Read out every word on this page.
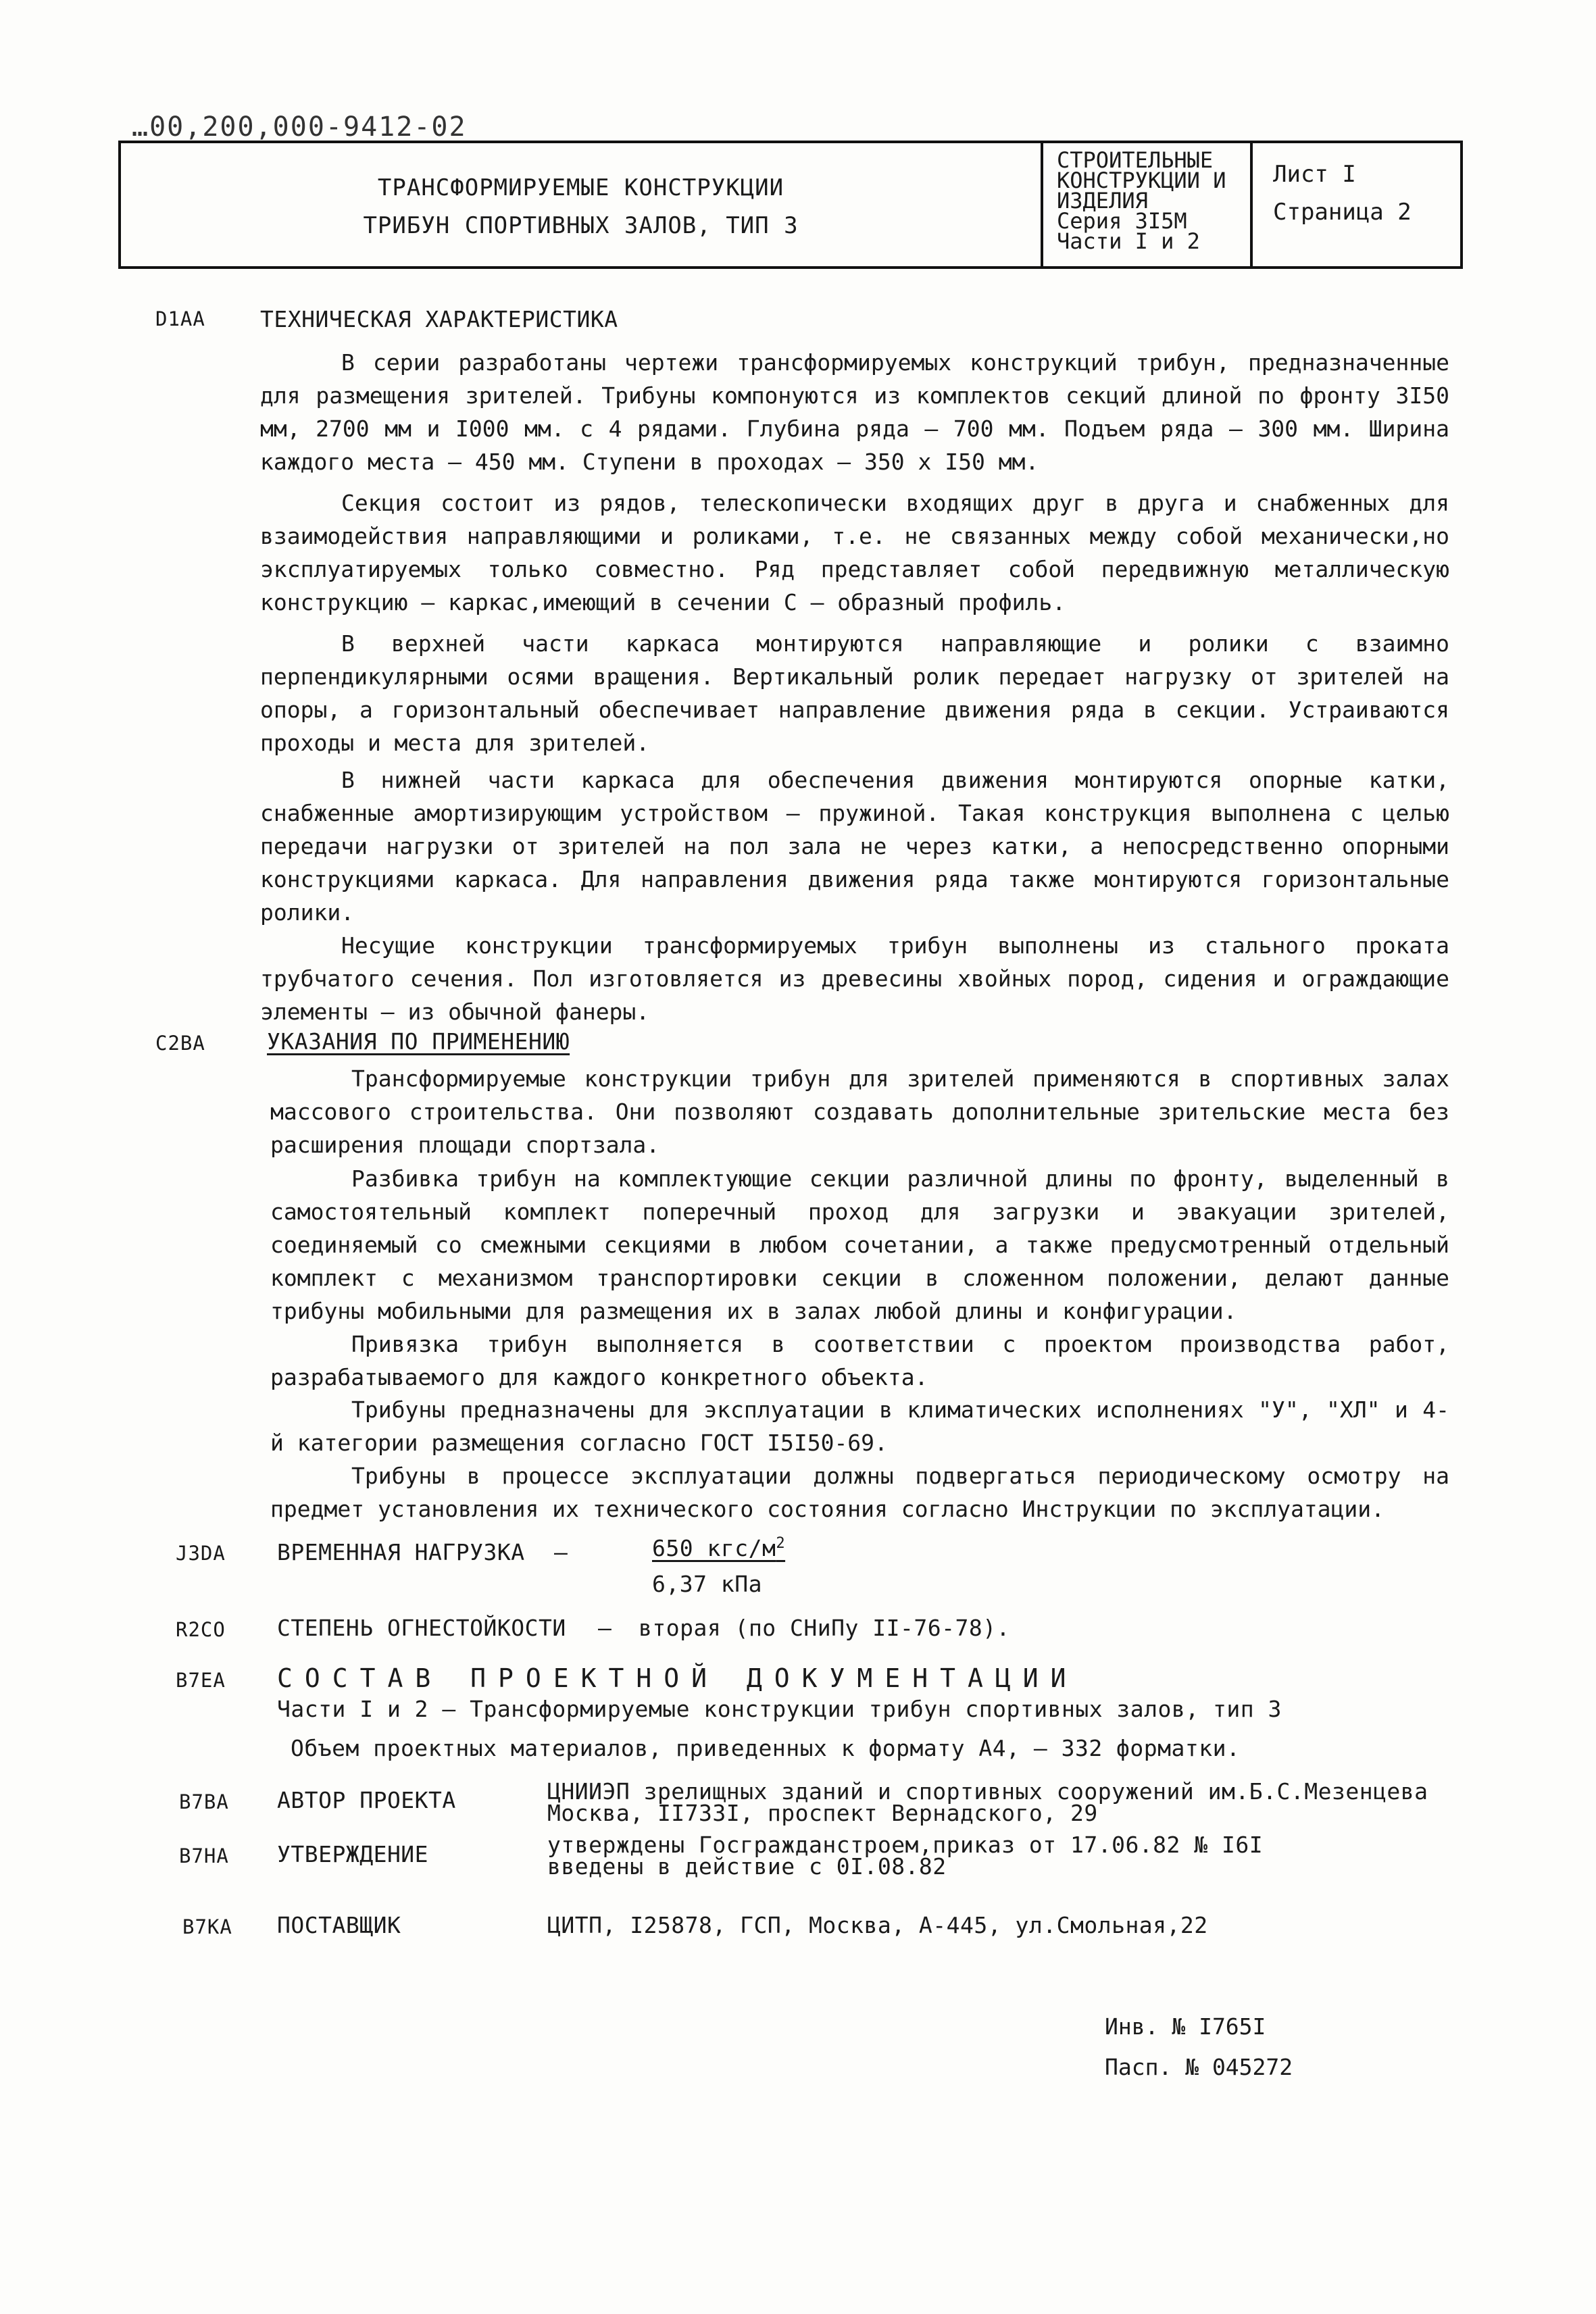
…00,200,000-9412-02
ТРАНСФОРМИРУЕМЫЕ КОНСТРУКЦИИ
ТРИБУН СПОРТИВНЫХ ЗАЛОВ, ТИП 3
СТРОИТЕЛЬНЫЕ
КОНСТРУКЦИИ И
ИЗДЕЛИЯ
Серия 3I5M
Части I и 2
Лист I
Страница 2
D1AA ТЕХНИЧЕСКАЯ ХАРАКТЕРИСТИКА

В серии разработаны чертежи трансформируемых конструкций трибун, предназначенные для размещения зрителей. Трибуны компонуются из комплектов секций длиной по фронту 3I50 мм, 2700 мм и I000 мм. с 4 рядами. Глубина ряда – 700 мм. Подъем ряда – 300 мм. Ширина каждого места – 450 мм. Ступени в проходах – 350 х I50 мм.

Секция состоит из рядов, телескопически входящих друг в друга и снабженных для взаимодействия направляющими и роликами, т.е. не связанных между собой механически,но эксплуатируемых только совместно. Ряд представляет собой передвижную металлическую конструкцию – каркас,имеющий в сечении С – образный профиль.

В верхней части каркаса монтируются направляющие и ролики с взаимно перпендикулярными осями вращения. Вертикальный ролик передает нагрузку от зрителей на опоры, а горизонтальный обеспечивает направление движения ряда в секции. Устраиваются проходы и места для зрителей.

В нижней части каркаса для обеспечения движения монтируются опорные катки, снабженные амортизирующим устройством – пружиной. Такая конструкция выполнена с целью передачи нагрузки от зрителей на пол зала не через катки, а непосредственно опорными конструкциями каркаса. Для направления движения ряда также монтируются горизонтальные ролики.

Несущие конструкции трансформируемых трибун выполнены из стального проката трубчатого сечения. Пол изготовляется из древесины хвойных пород, сидения и ограждающие элементы – из обычной фанеры.

C2BA	УКАЗАНИЯ ПО ПРИМЕНЕНИЮ

Трансформируемые конструкции трибун для зрителей применяются в спортивных залах массового строительства. Они позволяют создавать дополнительные зрительские места без расширения площади спортзала.

Разбивка трибун на комплектующие секции различной длины по фронту, выделенный в самостоятельный комплект поперечный проход для загрузки и эвакуации зрителей, соединяемый со смежными секциями в любом сочетании, а также предусмотренный отдельный комплект с механизмом транспортировки секции в сложенном положении, делают данные трибуны мобильными для размещения их в залах любой длины и конфигурации.

Привязка трибун выполняется в соответствии с проектом производства работ, разрабатываемого для каждого конкретного объекта.

Трибуны предназначены для эксплуатации в климатических исполнениях "У", "ХЛ" и 4-й категории размещения согласно ГОСТ I5I50-69.

Трибуны в процессе эксплуатации должны подвергаться периодическому осмотру на предмет установления их технического состояния согласно Инструкции по эксплуатации.

J3DA ВРЕМЕННАЯ НАГРУЗКА –	650 кгс/$м^2$
6,37 кПа
R2CO СТЕПЕНЬ ОГНЕСТОЙКОСТИ – вторая (по СНиПу II-76-78).
B7EA СОСТАВ ПРОЕКТНОЙ ДОКУМЕНТАЦИИ
Части I и 2 – Трансформируемые конструкции трибун спортивных залов, тип 3
Объем проектных материалов, приведенных к формату А4, – 332 форматки.
B7BA АВТОР ПРОЕКТА	ЦНИИЭП зрелищных зданий и спортивных сооружений им.Б.С.Мезенцева
Москва, II733I, проспект Вернадского, 29
B7HA УТВЕРЖДЕНИЕ	утверждены Госгражданстроем,приказ от 17.06.82 № I6I
введены в действие с 0I.08.82
B7KA ПОСТАВЩИК	ЦИТП, I25878, ГСП, Москва, А-445, ул.Смольная,22
Инв. № I765I
Пасп. № 045272
